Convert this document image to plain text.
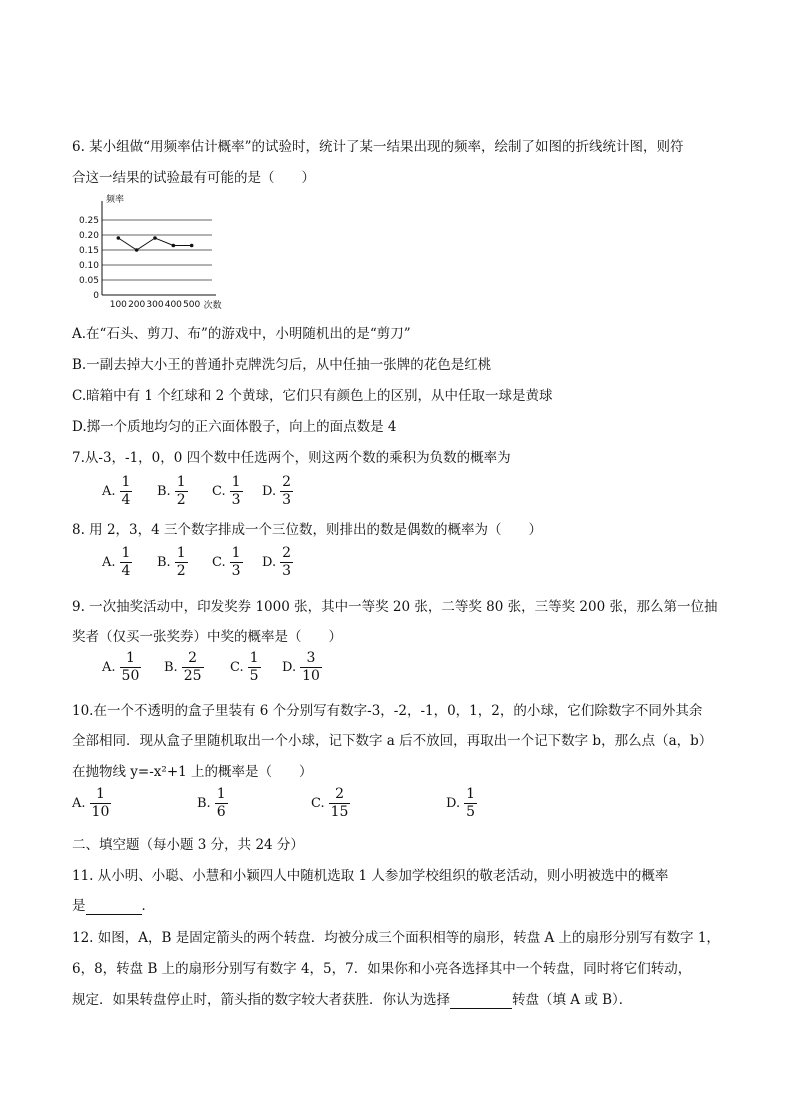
6. 某小组做“用频率估计概率”的试验时，统计了某一结果出现的频率，绘制了如图的折线统计图，则符
合这一结果的试验最有可能的是（　　）
0.25
0.20
0.15
0.10
0.05
0
100 200 300 400 500
频率
次数
A.在“石头、剪刀、布”的游戏中，小明随机出的是“剪刀”
B.一副去掉大小王的普通扑克牌洗匀后，从中任抽一张牌的花色是红桃
C.暗箱中有 1 个红球和 2 个黄球，它们只有颜色上的区别，从中任取一球是黄球
D.掷一个质地均匀的正六面体骰子，向上的面点数是 4
7.从-3，-1，0，0 四个数中任选两个，则这两个数的乘积为负数的概率为
A. $\frac{1}{4} B$. $\frac{1}{2} C$. $\frac{1}{3} D$. $\frac{2}{3}$
8. 用 2，3，4 三个数字排成一个三位数，则排出的数是偶数的概率为（　　）
A. $\frac{1}{4} B$. $\frac{1}{2} C$. $\frac{1}{3} D$. $\frac{2}{3}$
9. 一次抽奖活动中，印发奖券 1000 张，其中一等奖 20 张，二等奖 80 张，三等奖 200 张，那么第一位抽
奖者（仅买一张奖券）中奖的概率是（　　）
A. $\frac{1}{50} B$. $\frac{2}{25} C$. $\frac{1}{5} D$. $\frac{3}{10}$
10.在一个不透明的盒子里装有 6 个分别写有数字-3，-2，-1，0，1，2，的小球，它们除数字不同外其余
全部相同．现从盒子里随机取出一个小球，记下数字 a 后不放回，再取出一个记下数字 b，那么点（a，b）
在抛物线 y=-x²+1 上的概率是（　　）
A. $\frac{1}{10}$	B. $\frac{1}{6}$	C. $\frac{2}{15}$	D. $\frac{1}{5}$
二、填空题（每小题 3 分，共 24 分）
11. 从小明、小聪、小慧和小颖四人中随机选取 1 人参加学校组织的敬老活动，则小明被选中的概率
是	．
12. 如图，A，B 是固定箭头的两个转盘．均被分成三个面积相等的扇形，转盘 A 上的扇形分别写有数字 1，
6，8，转盘 B 上的扇形分别写有数字 4，5，7．如果你和小亮各选择其中一个转盘，同时将它们转动，
规定．如果转盘停止时，箭头指的数字较大者获胜．你认为选择	转盘（填 A 或 B）．
